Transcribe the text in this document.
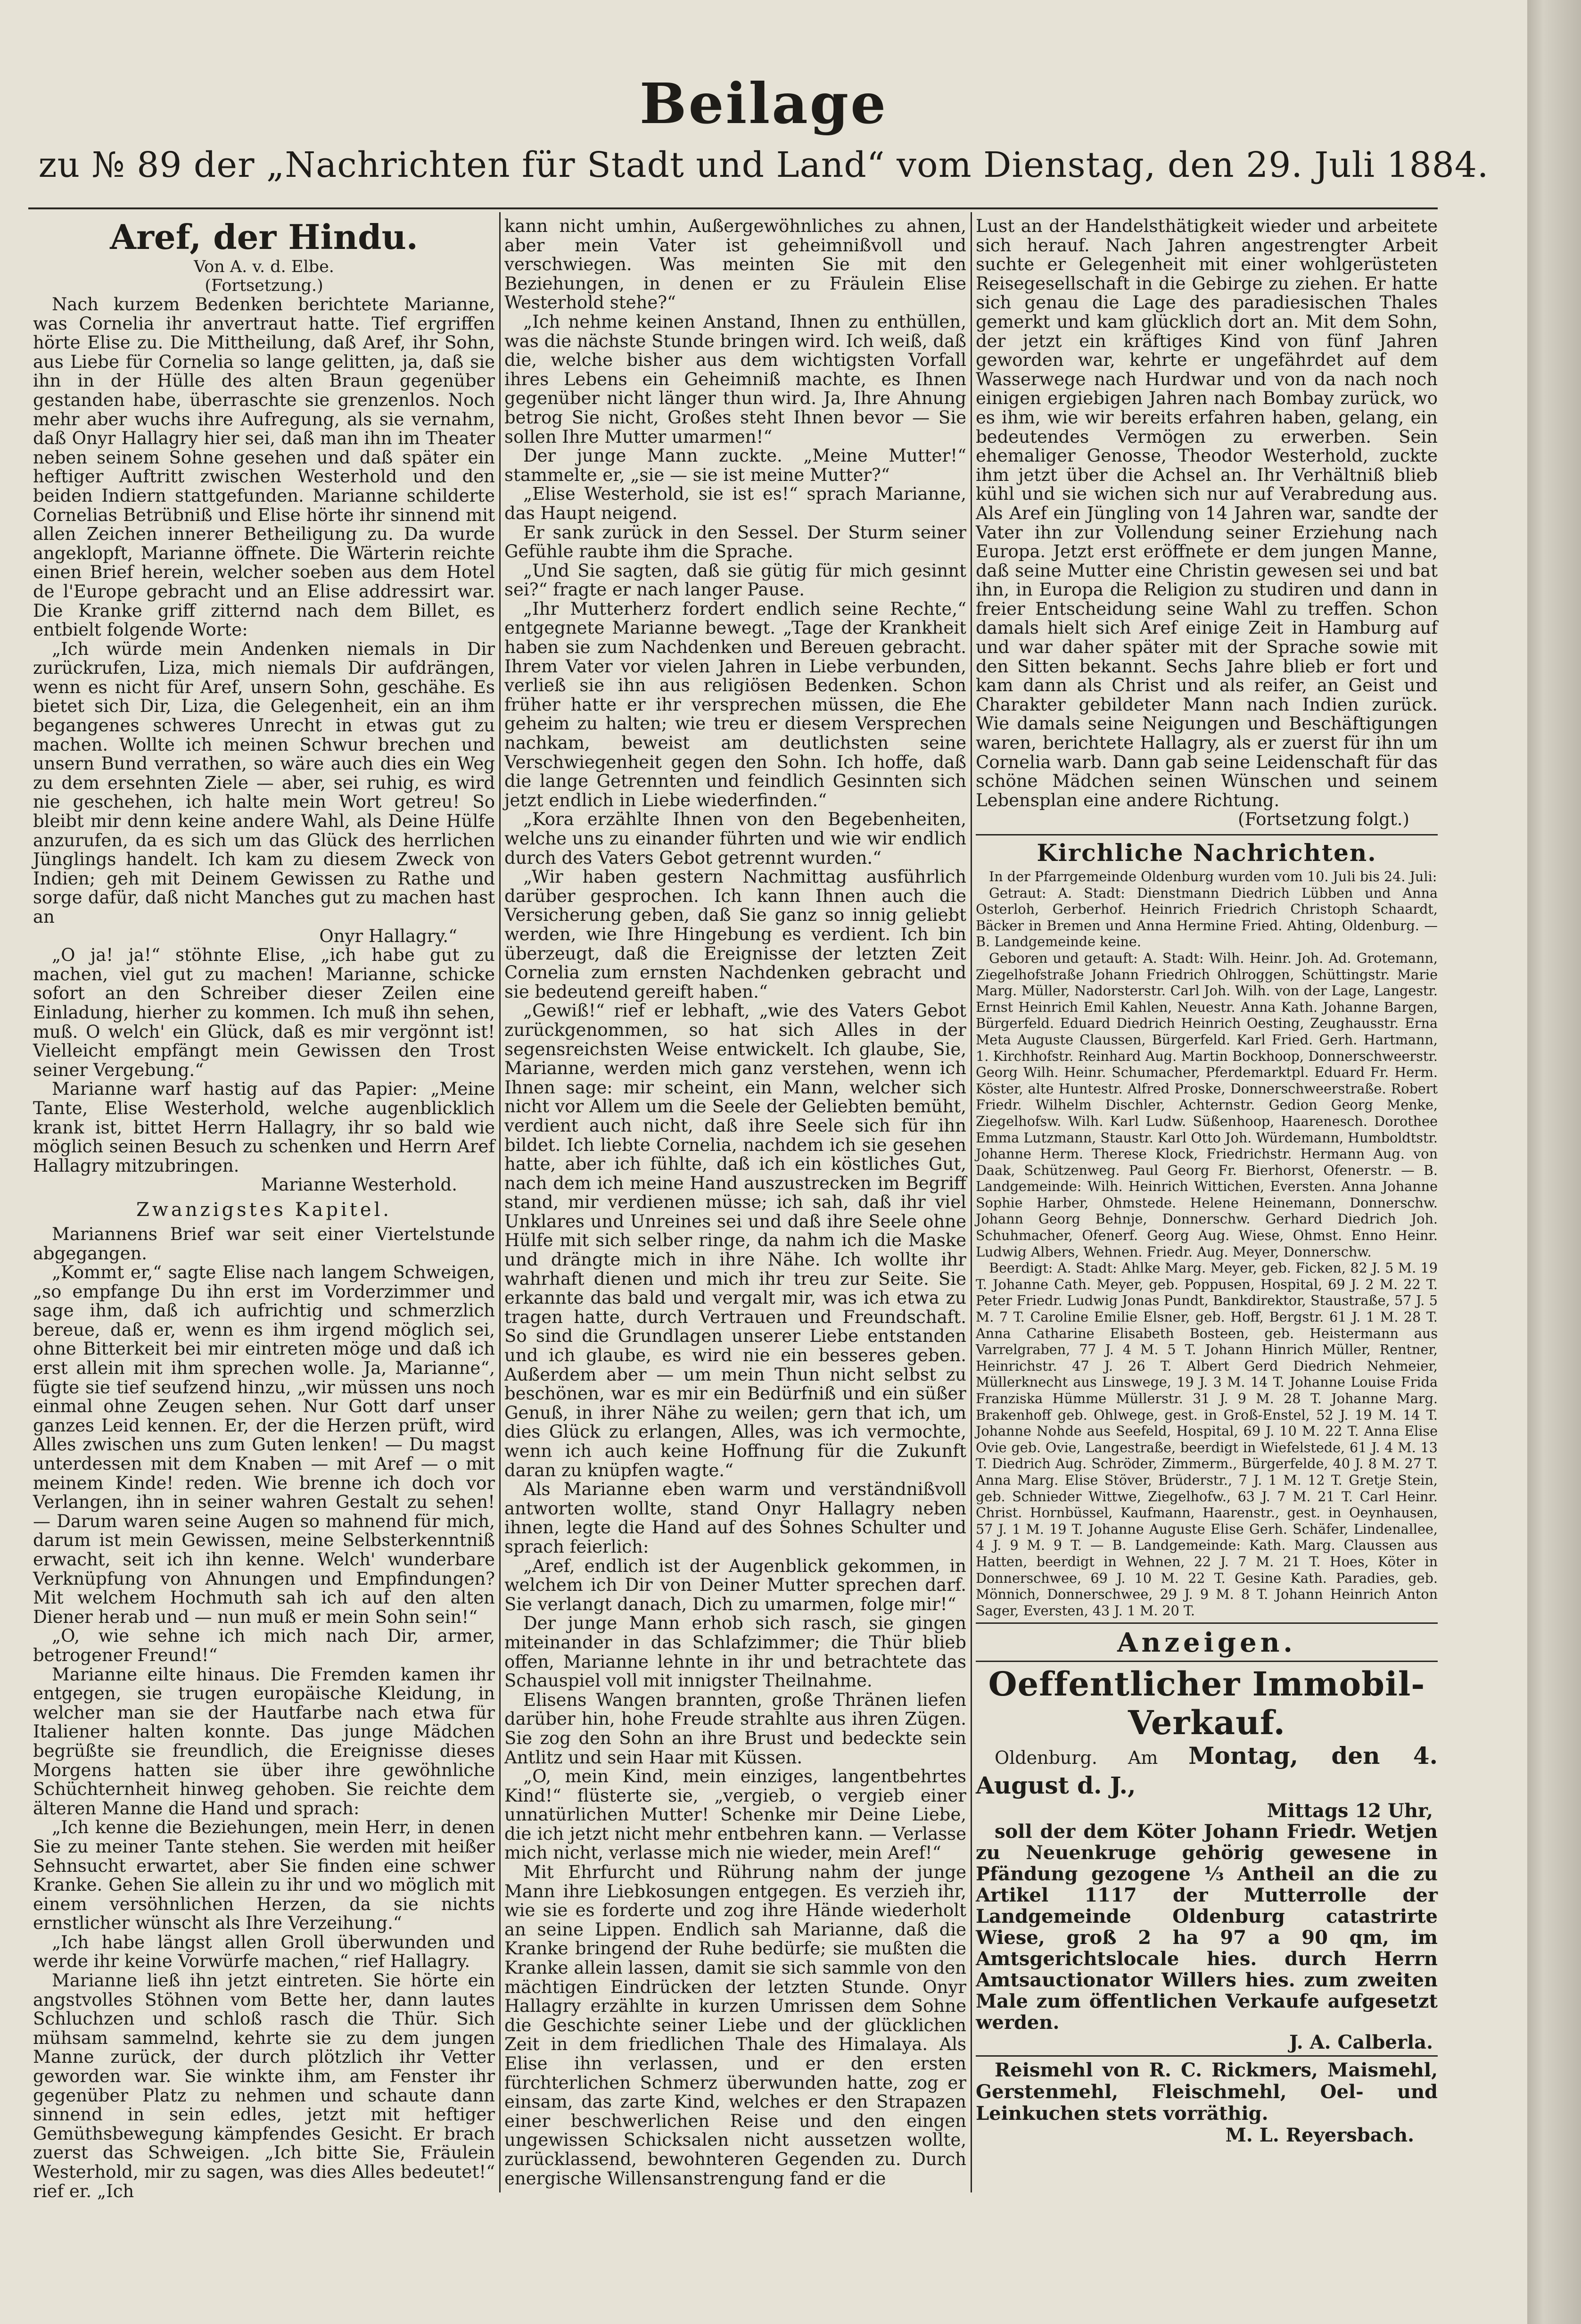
Beilage
zu № 89 der „Nachrichten für Stadt und Land“ vom Dienstag, den 29. Juli 1884.
Aref, der Hindu.
Von A. v. d. Elbe.
(Fortsetzung.)

Nach kurzem Bedenken berichtete Marianne, was Cornelia ihr anvertraut hatte. Tief ergriffen hörte Elise zu. Die Mittheilung, daß Aref, ihr Sohn, aus Liebe für Cornelia so lange gelitten, ja, daß sie ihn in der Hülle des alten Braun gegenüber gestanden habe, überraschte sie grenzenlos. Noch mehr aber wuchs ihre Aufregung, als sie vernahm, daß Onyr Hallagry hier sei, daß man ihn im Theater neben seinem Sohne gesehen und daß später ein heftiger Auftritt zwischen Westerhold und den beiden Indiern stattgefunden. Marianne schilderte Cornelias Betrübniß und Elise hörte ihr sinnend mit allen Zeichen innerer Betheiligung zu. Da wurde angeklopft, Marianne öffnete. Die Wärterin reichte einen Brief herein, welcher soeben aus dem Hotel de l'Europe gebracht und an Elise addressirt war. Die Kranke griff zitternd nach dem Billet, es entbielt folgende Worte:

„Ich würde mein Andenken niemals in Dir zurückrufen, Liza, mich niemals Dir aufdrängen, wenn es nicht für Aref, unsern Sohn, geschähe. Es bietet sich Dir, Liza, die Gelegenheit, ein an ihm begangenes schweres Unrecht in etwas gut zu machen. Wollte ich meinen Schwur brechen und unsern Bund verrathen, so wäre auch dies ein Weg zu dem ersehnten Ziele — aber, sei ruhig, es wird nie geschehen, ich halte mein Wort getreu! So bleibt mir denn keine andere Wahl, als Deine Hülfe anzurufen, da es sich um das Glück des herrlichen Jünglings handelt. Ich kam zu diesem Zweck von Indien; geh mit Deinem Gewissen zu Rathe und sorge dafür, daß nicht Manches gut zu machen hast an

Onyr Hallagry.“

„O ja! ja!“ stöhnte Elise, „ich habe gut zu machen, viel gut zu machen! Marianne, schicke sofort an den Schreiber dieser Zeilen eine Einladung, hierher zu kommen. Ich muß ihn sehen, muß. O welch' ein Glück, daß es mir vergönnt ist! Vielleicht empfängt mein Gewissen den Trost seiner Vergebung.“

Marianne warf hastig auf das Papier: „Meine Tante, Elise Westerhold, welche augenblicklich krank ist, bittet Herrn Hallagry, ihr so bald wie möglich seinen Besuch zu schenken und Herrn Aref Hallagry mitzubringen.

Marianne Westerhold.
Zwanzigstes Kapitel.

Mariannens Brief war seit einer Viertelstunde abgegangen.

„Kommt er,“ sagte Elise nach langem Schweigen, „so empfange Du ihn erst im Vorderzimmer und sage ihm, daß ich aufrichtig und schmerzlich bereue, daß er, wenn es ihm irgend möglich sei, ohne Bitterkeit bei mir eintreten möge und daß ich erst allein mit ihm sprechen wolle. Ja, Marianne“, fügte sie tief seufzend hinzu, „wir müssen uns noch einmal ohne Zeugen sehen. Nur Gott darf unser ganzes Leid kennen. Er, der die Herzen prüft, wird Alles zwischen uns zum Guten lenken! — Du magst unterdessen mit dem Knaben — mit Aref — o mit meinem Kinde! reden. Wie brenne ich doch vor Verlangen, ihn in seiner wahren Gestalt zu sehen! — Darum waren seine Augen so mahnend für mich, darum ist mein Gewissen, meine Selbsterkenntniß erwacht, seit ich ihn kenne. Welch' wunderbare Verknüpfung von Ahnungen und Empfindungen? Mit welchem Hochmuth sah ich auf den alten Diener herab und — nun muß er mein Sohn sein!“

„O, wie sehne ich mich nach Dir, armer, betrogener Freund!“

Marianne eilte hinaus. Die Fremden kamen ihr entgegen, sie trugen europäische Kleidung, in welcher man sie der Hautfarbe nach etwa für Italiener halten konnte. Das junge Mädchen begrüßte sie freundlich, die Ereignisse dieses Morgens hatten sie über ihre gewöhnliche Schüchternheit hinweg gehoben. Sie reichte dem älteren Manne die Hand und sprach:

„Ich kenne die Beziehungen, mein Herr, in denen Sie zu meiner Tante stehen. Sie werden mit heißer Sehnsucht erwartet, aber Sie finden eine schwer Kranke. Gehen Sie allein zu ihr und wo möglich mit einem versöhnlichen Herzen, da sie nichts ernstlicher wünscht als Ihre Verzeihung.“

„Ich habe längst allen Groll überwunden und werde ihr keine Vorwürfe machen,“ rief Hallagry.

Marianne ließ ihn jetzt eintreten. Sie hörte ein angstvolles Stöhnen vom Bette her, dann lautes Schluchzen und schloß rasch die Thür. Sich mühsam sammelnd, kehrte sie zu dem jungen Manne zurück, der durch plötzlich ihr Vetter geworden war. Sie winkte ihm, am Fenster ihr gegenüber Platz zu nehmen und schaute dann sinnend in sein edles, jetzt mit heftiger Gemüthsbewegung kämpfendes Gesicht. Er brach zuerst das Schweigen. „Ich bitte Sie, Fräulein Westerhold, mir zu sagen, was dies Alles bedeutet!“ rief er. „Ich

kann nicht umhin, Außergewöhnliches zu ahnen, aber mein Vater ist geheimnißvoll und verschwiegen. Was meinten Sie mit den Beziehungen, in denen er zu Fräulein Elise Westerhold stehe?“

„Ich nehme keinen Anstand, Ihnen zu enthüllen, was die nächste Stunde bringen wird. Ich weiß, daß die, welche bisher aus dem wichtigsten Vorfall ihres Lebens ein Geheimniß machte, es Ihnen gegenüber nicht länger thun wird. Ja, Ihre Ahnung betrog Sie nicht, Großes steht Ihnen bevor — Sie sollen Ihre Mutter umarmen!“

Der junge Mann zuckte. „Meine Mutter!“ stammelte er, „sie — sie ist meine Mutter?“

„Elise Westerhold, sie ist es!“ sprach Marianne, das Haupt neigend.

Er sank zurück in den Sessel. Der Sturm seiner Gefühle raubte ihm die Sprache.

„Und Sie sagten, daß sie gütig für mich gesinnt sei?“ fragte er nach langer Pause.

„Ihr Mutterherz fordert endlich seine Rechte,“ entgegnete Marianne bewegt. „Tage der Krankheit haben sie zum Nachdenken und Bereuen gebracht. Ihrem Vater vor vielen Jahren in Liebe verbunden, verließ sie ihn aus religiösen Bedenken. Schon früher hatte er ihr versprechen müssen, die Ehe geheim zu halten; wie treu er diesem Versprechen nachkam, beweist am deutlichsten seine Verschwiegenheit gegen den Sohn. Ich hoffe, daß die lange Getrennten und feindlich Gesinnten sich jetzt endlich in Liebe wiederfinden.“

„Kora erzählte Ihnen von den Begebenheiten, welche uns zu einander führten und wie wir endlich durch des Vaters Gebot getrennt wurden.“

„Wir haben gestern Nachmittag ausführlich darüber gesprochen. Ich kann Ihnen auch die Versicherung geben, daß Sie ganz so innig geliebt werden, wie Ihre Hingebung es verdient. Ich bin überzeugt, daß die Ereignisse der letzten Zeit Cornelia zum ernsten Nachdenken gebracht und sie bedeutend gereift haben.“

„Gewiß!“ rief er lebhaft, „wie des Vaters Gebot zurückgenommen, so hat sich Alles in der segensreichsten Weise entwickelt. Ich glaube, Sie, Marianne, werden mich ganz verstehen, wenn ich Ihnen sage: mir scheint, ein Mann, welcher sich nicht vor Allem um die Seele der Geliebten bemüht, verdient auch nicht, daß ihre Seele sich für ihn bildet. Ich liebte Cornelia, nachdem ich sie gesehen hatte, aber ich fühlte, daß ich ein köstliches Gut, nach dem ich meine Hand auszustrecken im Begriff stand, mir verdienen müsse; ich sah, daß ihr viel Unklares und Unreines sei und daß ihre Seele ohne Hülfe mit sich selber ringe, da nahm ich die Maske und drängte mich in ihre Nähe. Ich wollte ihr wahrhaft dienen und mich ihr treu zur Seite. Sie erkannte das bald und vergalt mir, was ich etwa zu tragen hatte, durch Vertrauen und Freundschaft. So sind die Grundlagen unserer Liebe entstanden und ich glaube, es wird nie ein besseres geben. Außerdem aber — um mein Thun nicht selbst zu beschönen, war es mir ein Bedürfniß und ein süßer Genuß, in ihrer Nähe zu weilen; gern that ich, um dies Glück zu erlangen, Alles, was ich vermochte, wenn ich auch keine Hoffnung für die Zukunft daran zu knüpfen wagte.“

Als Marianne eben warm und verständnißvoll antworten wollte, stand Onyr Hallagry neben ihnen, legte die Hand auf des Sohnes Schulter und sprach feierlich:

„Aref, endlich ist der Augenblick gekommen, in welchem ich Dir von Deiner Mutter sprechen darf. Sie verlangt danach, Dich zu umarmen, folge mir!“

Der junge Mann erhob sich rasch, sie gingen miteinander in das Schlafzimmer; die Thür blieb offen, Marianne lehnte in ihr und betrachtete das Schauspiel voll mit innigster Theilnahme.

Elisens Wangen brannten, große Thränen liefen darüber hin, hohe Freude strahlte aus ihren Zügen. Sie zog den Sohn an ihre Brust und bedeckte sein Antlitz und sein Haar mit Küssen.

„O, mein Kind, mein einziges, langentbehrtes Kind!“ flüsterte sie, „vergieb, o vergieb einer unnatürlichen Mutter! Schenke mir Deine Liebe, die ich jetzt nicht mehr entbehren kann. — Verlasse mich nicht, verlasse mich nie wieder, mein Aref!“

Mit Ehrfurcht und Rührung nahm der junge Mann ihre Liebkosungen entgegen. Es verzieh ihr, wie sie es forderte und zog ihre Hände wiederholt an seine Lippen. Endlich sah Marianne, daß die Kranke bringend der Ruhe bedürfe; sie mußten die Kranke allein lassen, damit sie sich sammle von den mächtigen Eindrücken der letzten Stunde. Onyr Hallagry erzählte in kurzen Umrissen dem Sohne die Geschichte seiner Liebe und der glücklichen Zeit in dem friedlichen Thale des Himalaya. Als Elise ihn verlassen, und er den ersten fürchterlichen Schmerz überwunden hatte, zog er einsam, das zarte Kind, welches er den Strapazen einer beschwerlichen Reise und den eingen ungewissen Schicksalen nicht aussetzen wollte, zurücklassend, bewohnteren Gegenden zu. Durch energische Willensanstrengung fand er die

Lust an der Handelsthätigkeit wieder und arbeitete sich herauf. Nach Jahren angestrengter Arbeit suchte er Gelegenheit mit einer wohlgerüsteten Reisegesellschaft in die Gebirge zu ziehen. Er hatte sich genau die Lage des paradiesischen Thales gemerkt und kam glücklich dort an. Mit dem Sohn, der jetzt ein kräftiges Kind von fünf Jahren geworden war, kehrte er ungefährdet auf dem Wasserwege nach Hurdwar und von da nach noch einigen ergiebigen Jahren nach Bombay zurück, wo es ihm, wie wir bereits erfahren haben, gelang, ein bedeutendes Vermögen zu erwerben. Sein ehemaliger Genosse, Theodor Westerhold, zuckte ihm jetzt über die Achsel an. Ihr Verhältniß blieb kühl und sie wichen sich nur auf Verabredung aus. Als Aref ein Jüngling von 14 Jahren war, sandte der Vater ihn zur Vollendung seiner Erziehung nach Europa. Jetzt erst eröffnete er dem jungen Manne, daß seine Mutter eine Christin gewesen sei und bat ihn, in Europa die Religion zu studiren und dann in freier Entscheidung seine Wahl zu treffen. Schon damals hielt sich Aref einige Zeit in Hamburg auf und war daher später mit der Sprache sowie mit den Sitten bekannt. Sechs Jahre blieb er fort und kam dann als Christ und als reifer, an Geist und Charakter gebildeter Mann nach Indien zurück. Wie damals seine Neigungen und Beschäftigungen waren, berichtete Hallagry, als er zuerst für ihn um Cornelia warb. Dann gab seine Leidenschaft für das schöne Mädchen seinen Wünschen und seinem Lebensplan eine andere Richtung.

(Fortsetzung folgt.)
Kirchliche Nachrichten.

In der Pfarrgemeinde Oldenburg wurden vom 10. Juli bis 24. Juli:

Getraut: A. Stadt: Dienstmann Diedrich Lübben und Anna Osterloh, Gerberhof. Heinrich Friedrich Christoph Schaardt, Bäcker in Bremen und Anna Hermine Fried. Ahting, Oldenburg. — B. Landgemeinde keine.

Geboren und getauft: A. Stadt: Wilh. Heinr. Joh. Ad. Grotemann, Ziegelhofstraße Johann Friedrich Ohlroggen, Schüttingstr. Marie Marg. Müller, Nadorsterstr. Carl Joh. Wilh. von der Lage, Langestr. Ernst Heinrich Emil Kahlen, Neuestr. Anna Kath. Johanne Bargen, Bürgerfeld. Eduard Diedrich Heinrich Oesting, Zeughausstr. Erna Meta Auguste Claussen, Bürgerfeld. Karl Fried. Gerh. Hartmann, 1. Kirchhofstr. Reinhard Aug. Martin Bockhoop, Donnerschweerstr. Georg Wilh. Heinr. Schumacher, Pferdemarktpl. Eduard Fr. Herm. Köster, alte Huntestr. Alfred Proske, Donnerschweerstraße. Robert Friedr. Wilhelm Dischler, Achternstr. Gedion Georg Menke, Ziegelhofsw. Wilh. Karl Ludw. Süßenhoop, Haarenesch. Dorothee Emma Lutzmann, Staustr. Karl Otto Joh. Würdemann, Humboldtstr. Johanne Herm. Therese Klock, Friedrichstr. Hermann Aug. von Daak, Schützenweg. Paul Georg Fr. Bierhorst, Ofenerstr. — B. Landgemeinde: Wilh. Heinrich Wittichen, Eversten. Anna Johanne Sophie Harber, Ohmstede. Helene Heinemann, Donnerschw. Johann Georg Behnje, Donnerschw. Gerhard Diedrich Joh. Schuhmacher, Ofenerf. Georg Aug. Wiese, Ohmst. Enno Heinr. Ludwig Albers, Wehnen. Friedr. Aug. Meyer, Donnerschw.

Beerdigt: A. Stadt: Ahlke Marg. Meyer, geb. Ficken, 82 J. 5 M. 19 T. Johanne Cath. Meyer, geb. Poppusen, Hospital, 69 J. 2 M. 22 T. Peter Friedr. Ludwig Jonas Pundt, Bankdirektor, Staustraße, 57 J. 5 M. 7 T. Caroline Emilie Elsner, geb. Hoff, Bergstr. 61 J. 1 M. 28 T. Anna Catharine Elisabeth Bosteen, geb. Heistermann aus Varrelgraben, 77 J. 4 M. 5 T. Johann Hinrich Müller, Rentner, Heinrichstr. 47 J. 26 T. Albert Gerd Diedrich Nehmeier, Müllerknecht aus Linswege, 19 J. 3 M. 14 T. Johanne Louise Frida Franziska Hümme Müllerstr. 31 J. 9 M. 28 T. Johanne Marg. Brakenhoff geb. Ohlwege, gest. in Groß-Enstel, 52 J. 19 M. 14 T. Johanne Nohde aus Seefeld, Hospital, 69 J. 10 M. 22 T. Anna Elise Ovie geb. Ovie, Langestraße, beerdigt in Wiefelstede, 61 J. 4 M. 13 T. Diedrich Aug. Schröder, Zimmerm., Bürgerfelde, 40 J. 8 M. 27 T. Anna Marg. Elise Stöver, Brüderstr., 7 J. 1 M. 12 T. Gretje Stein, geb. Schnieder Wittwe, Ziegelhofw., 63 J. 7 M. 21 T. Carl Heinr. Christ. Hornbüssel, Kaufmann, Haarenstr., gest. in Oeynhausen, 57 J. 1 M. 19 T. Johanne Auguste Elise Gerh. Schäfer, Lindenallee, 4 J. 9 M. 9 T. — B. Landgemeinde: Kath. Marg. Claussen aus Hatten, beerdigt in Wehnen, 22 J. 7 M. 21 T. Hoes, Köter in Donnerschwee, 69 J. 10 M. 22 T. Gesine Kath. Paradies, geb. Mönnich, Donnerschwee, 29 J. 9 M. 8 T. Johann Heinrich Anton Sager, Eversten, 43 J. 1 M. 20 T.

Anzeigen.
Oeffentlicher Immobil-Verkauf.

Oldenburg. Am Montag, den 4. August d. J.,

Mittags 12 Uhr,

soll der dem Köter Johann Friedr. Wetjen zu Neuenkruge gehörig gewesene in Pfändung gezogene ⅓ Antheil an die zu Artikel 1117 der Mutterrolle der Landgemeinde Oldenburg catastrirte Wiese, groß 2 ha 97 a 90 qm, im Amtsgerichtslocale hies. durch Herrn Amtsauctionator Willers hies. zum zweiten Male zum öffentlichen Verkaufe aufgesetzt werden.

J. A. Calberla.

Reismehl von R. C. Rickmers, Maismehl, Gerstenmehl, Fleischmehl, Oel- und Leinkuchen stets vorräthig.

M. L. Reyersbach.
